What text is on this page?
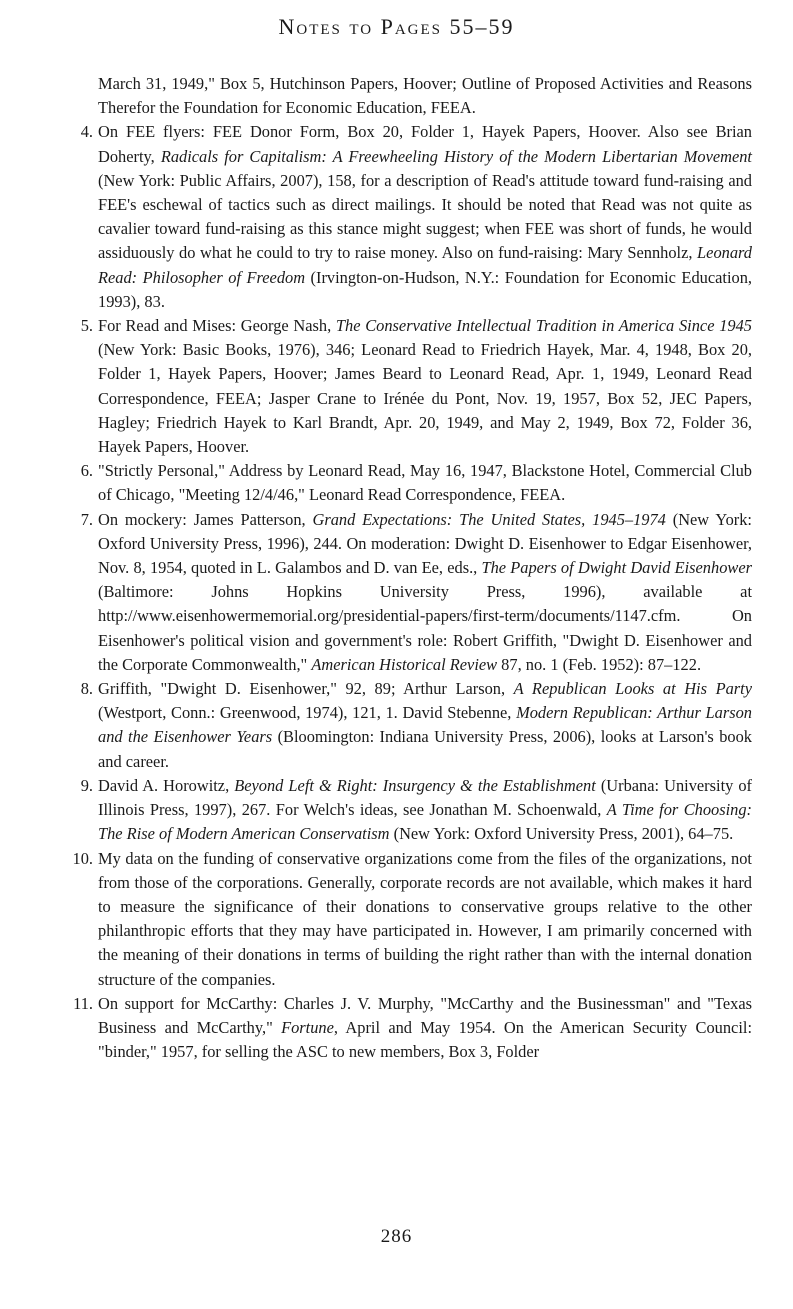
Notes to Pages 55–59
March 31, 1949," Box 5, Hutchinson Papers, Hoover; Outline of Proposed Activities and Reasons Therefor the Foundation for Economic Education, FEEA.
4. On FEE flyers: FEE Donor Form, Box 20, Folder 1, Hayek Papers, Hoover. Also see Brian Doherty, Radicals for Capitalism: A Freewheeling History of the Modern Libertarian Movement (New York: Public Affairs, 2007), 158, for a description of Read's attitude toward fund-raising and FEE's eschewal of tactics such as direct mailings. It should be noted that Read was not quite as cavalier toward fund-raising as this stance might suggest; when FEE was short of funds, he would assiduously do what he could to try to raise money. Also on fund-raising: Mary Sennholz, Leonard Read: Philosopher of Freedom (Irvington-on-Hudson, N.Y.: Foundation for Economic Education, 1993), 83.
5. For Read and Mises: George Nash, The Conservative Intellectual Tradition in America Since 1945 (New York: Basic Books, 1976), 346; Leonard Read to Friedrich Hayek, Mar. 4, 1948, Box 20, Folder 1, Hayek Papers, Hoover; James Beard to Leonard Read, Apr. 1, 1949, Leonard Read Correspondence, FEEA; Jasper Crane to Irénée du Pont, Nov. 19, 1957, Box 52, JEC Papers, Hagley; Friedrich Hayek to Karl Brandt, Apr. 20, 1949, and May 2, 1949, Box 72, Folder 36, Hayek Papers, Hoover.
6. "Strictly Personal," Address by Leonard Read, May 16, 1947, Blackstone Hotel, Commercial Club of Chicago, "Meeting 12/4/46," Leonard Read Correspondence, FEEA.
7. On mockery: James Patterson, Grand Expectations: The United States, 1945–1974 (New York: Oxford University Press, 1996), 244. On moderation: Dwight D. Eisenhower to Edgar Eisenhower, Nov. 8, 1954, quoted in L. Galambos and D. van Ee, eds., The Papers of Dwight David Eisenhower (Baltimore: Johns Hopkins University Press, 1996), available at http://www.eisenhowermemorial.org/presidential-papers/first-term/documents/1147.cfm. On Eisenhower's political vision and government's role: Robert Griffith, "Dwight D. Eisenhower and the Corporate Commonwealth," American Historical Review 87, no. 1 (Feb. 1952): 87–122.
8. Griffith, "Dwight D. Eisenhower," 92, 89; Arthur Larson, A Republican Looks at His Party (Westport, Conn.: Greenwood, 1974), 121, 1. David Stebenne, Modern Republican: Arthur Larson and the Eisenhower Years (Bloomington: Indiana University Press, 2006), looks at Larson's book and career.
9. David A. Horowitz, Beyond Left & Right: Insurgency & the Establishment (Urbana: University of Illinois Press, 1997), 267. For Welch's ideas, see Jonathan M. Schoenwald, A Time for Choosing: The Rise of Modern American Conservatism (New York: Oxford University Press, 2001), 64–75.
10. My data on the funding of conservative organizations come from the files of the organizations, not from those of the corporations. Generally, corporate records are not available, which makes it hard to measure the significance of their donations to conservative groups relative to the other philanthropic efforts that they may have participated in. However, I am primarily concerned with the meaning of their donations in terms of building the right rather than with the internal donation structure of the companies.
11. On support for McCarthy: Charles J. V. Murphy, "McCarthy and the Businessman" and "Texas Business and McCarthy," Fortune, April and May 1954. On the American Security Council: "binder," 1957, for selling the ASC to new members, Box 3, Folder
286
